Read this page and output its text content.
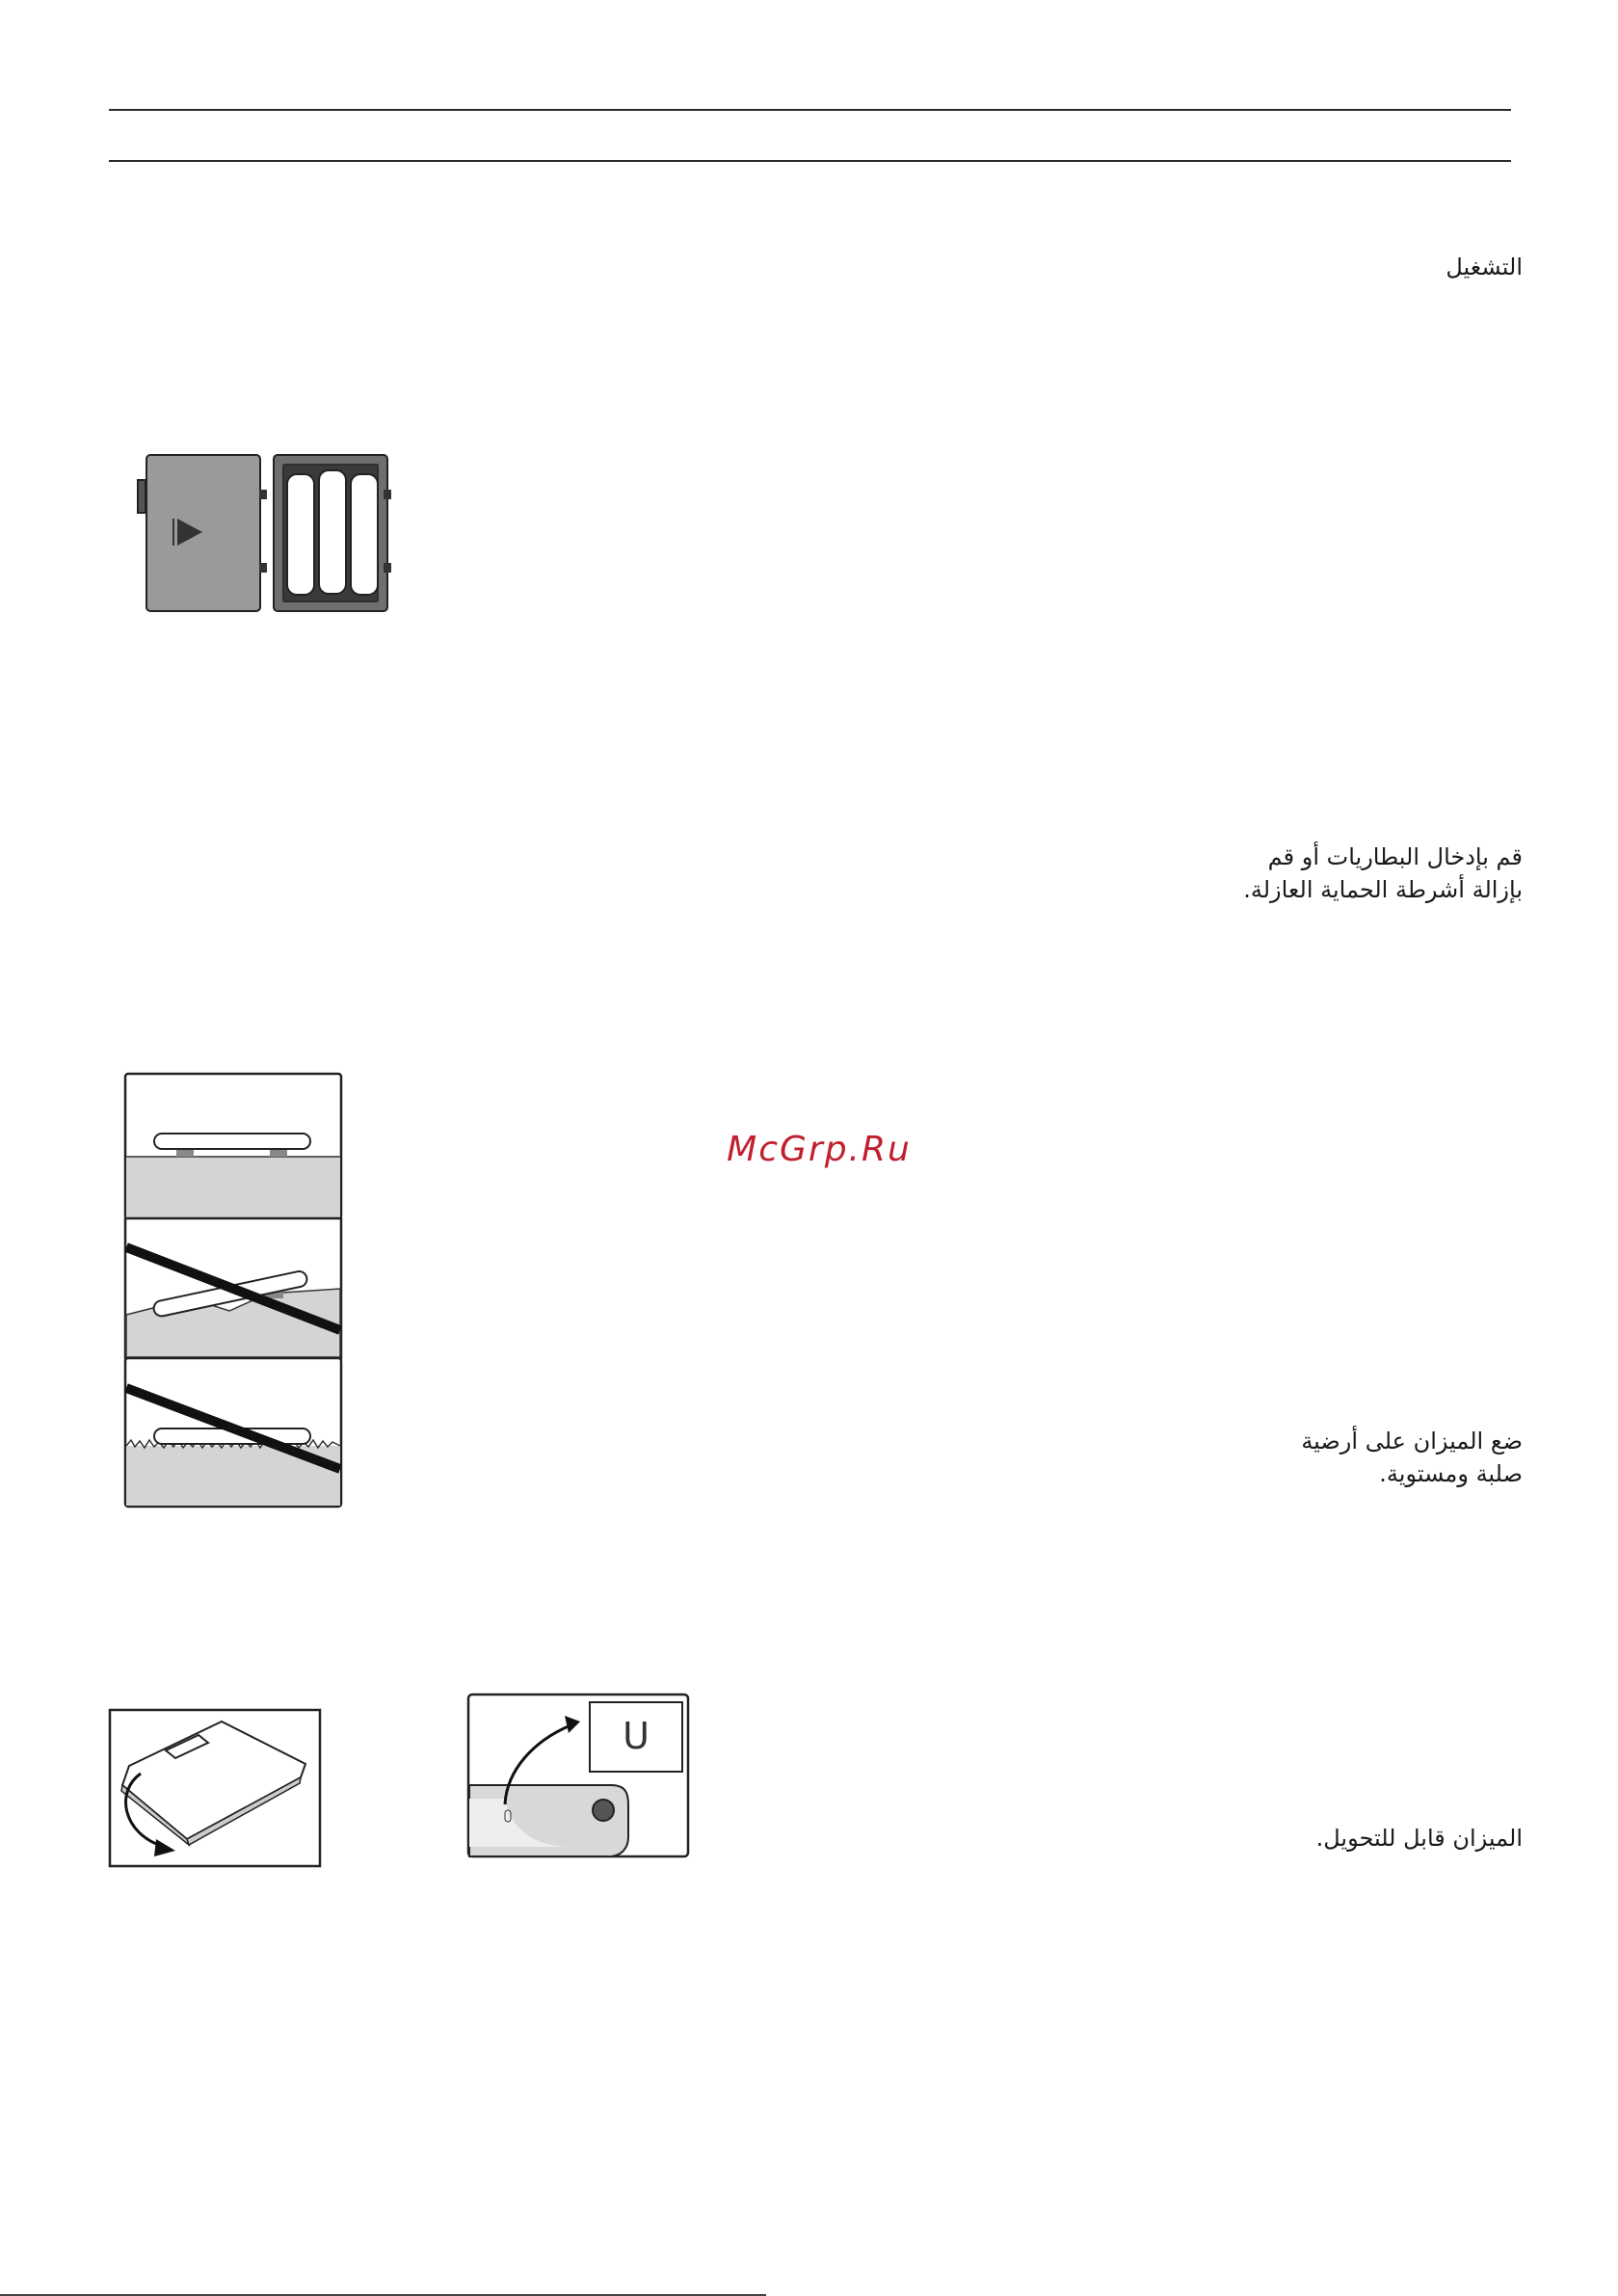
التشغيل
قم بإدخال البطاريات أو قم
بإزالة أشرطة الحماية العازلة.
ضع الميزان على أرضية
صلبة ومستوية.
الميزان قابل للتحويل.
McGrp.Ru
U
